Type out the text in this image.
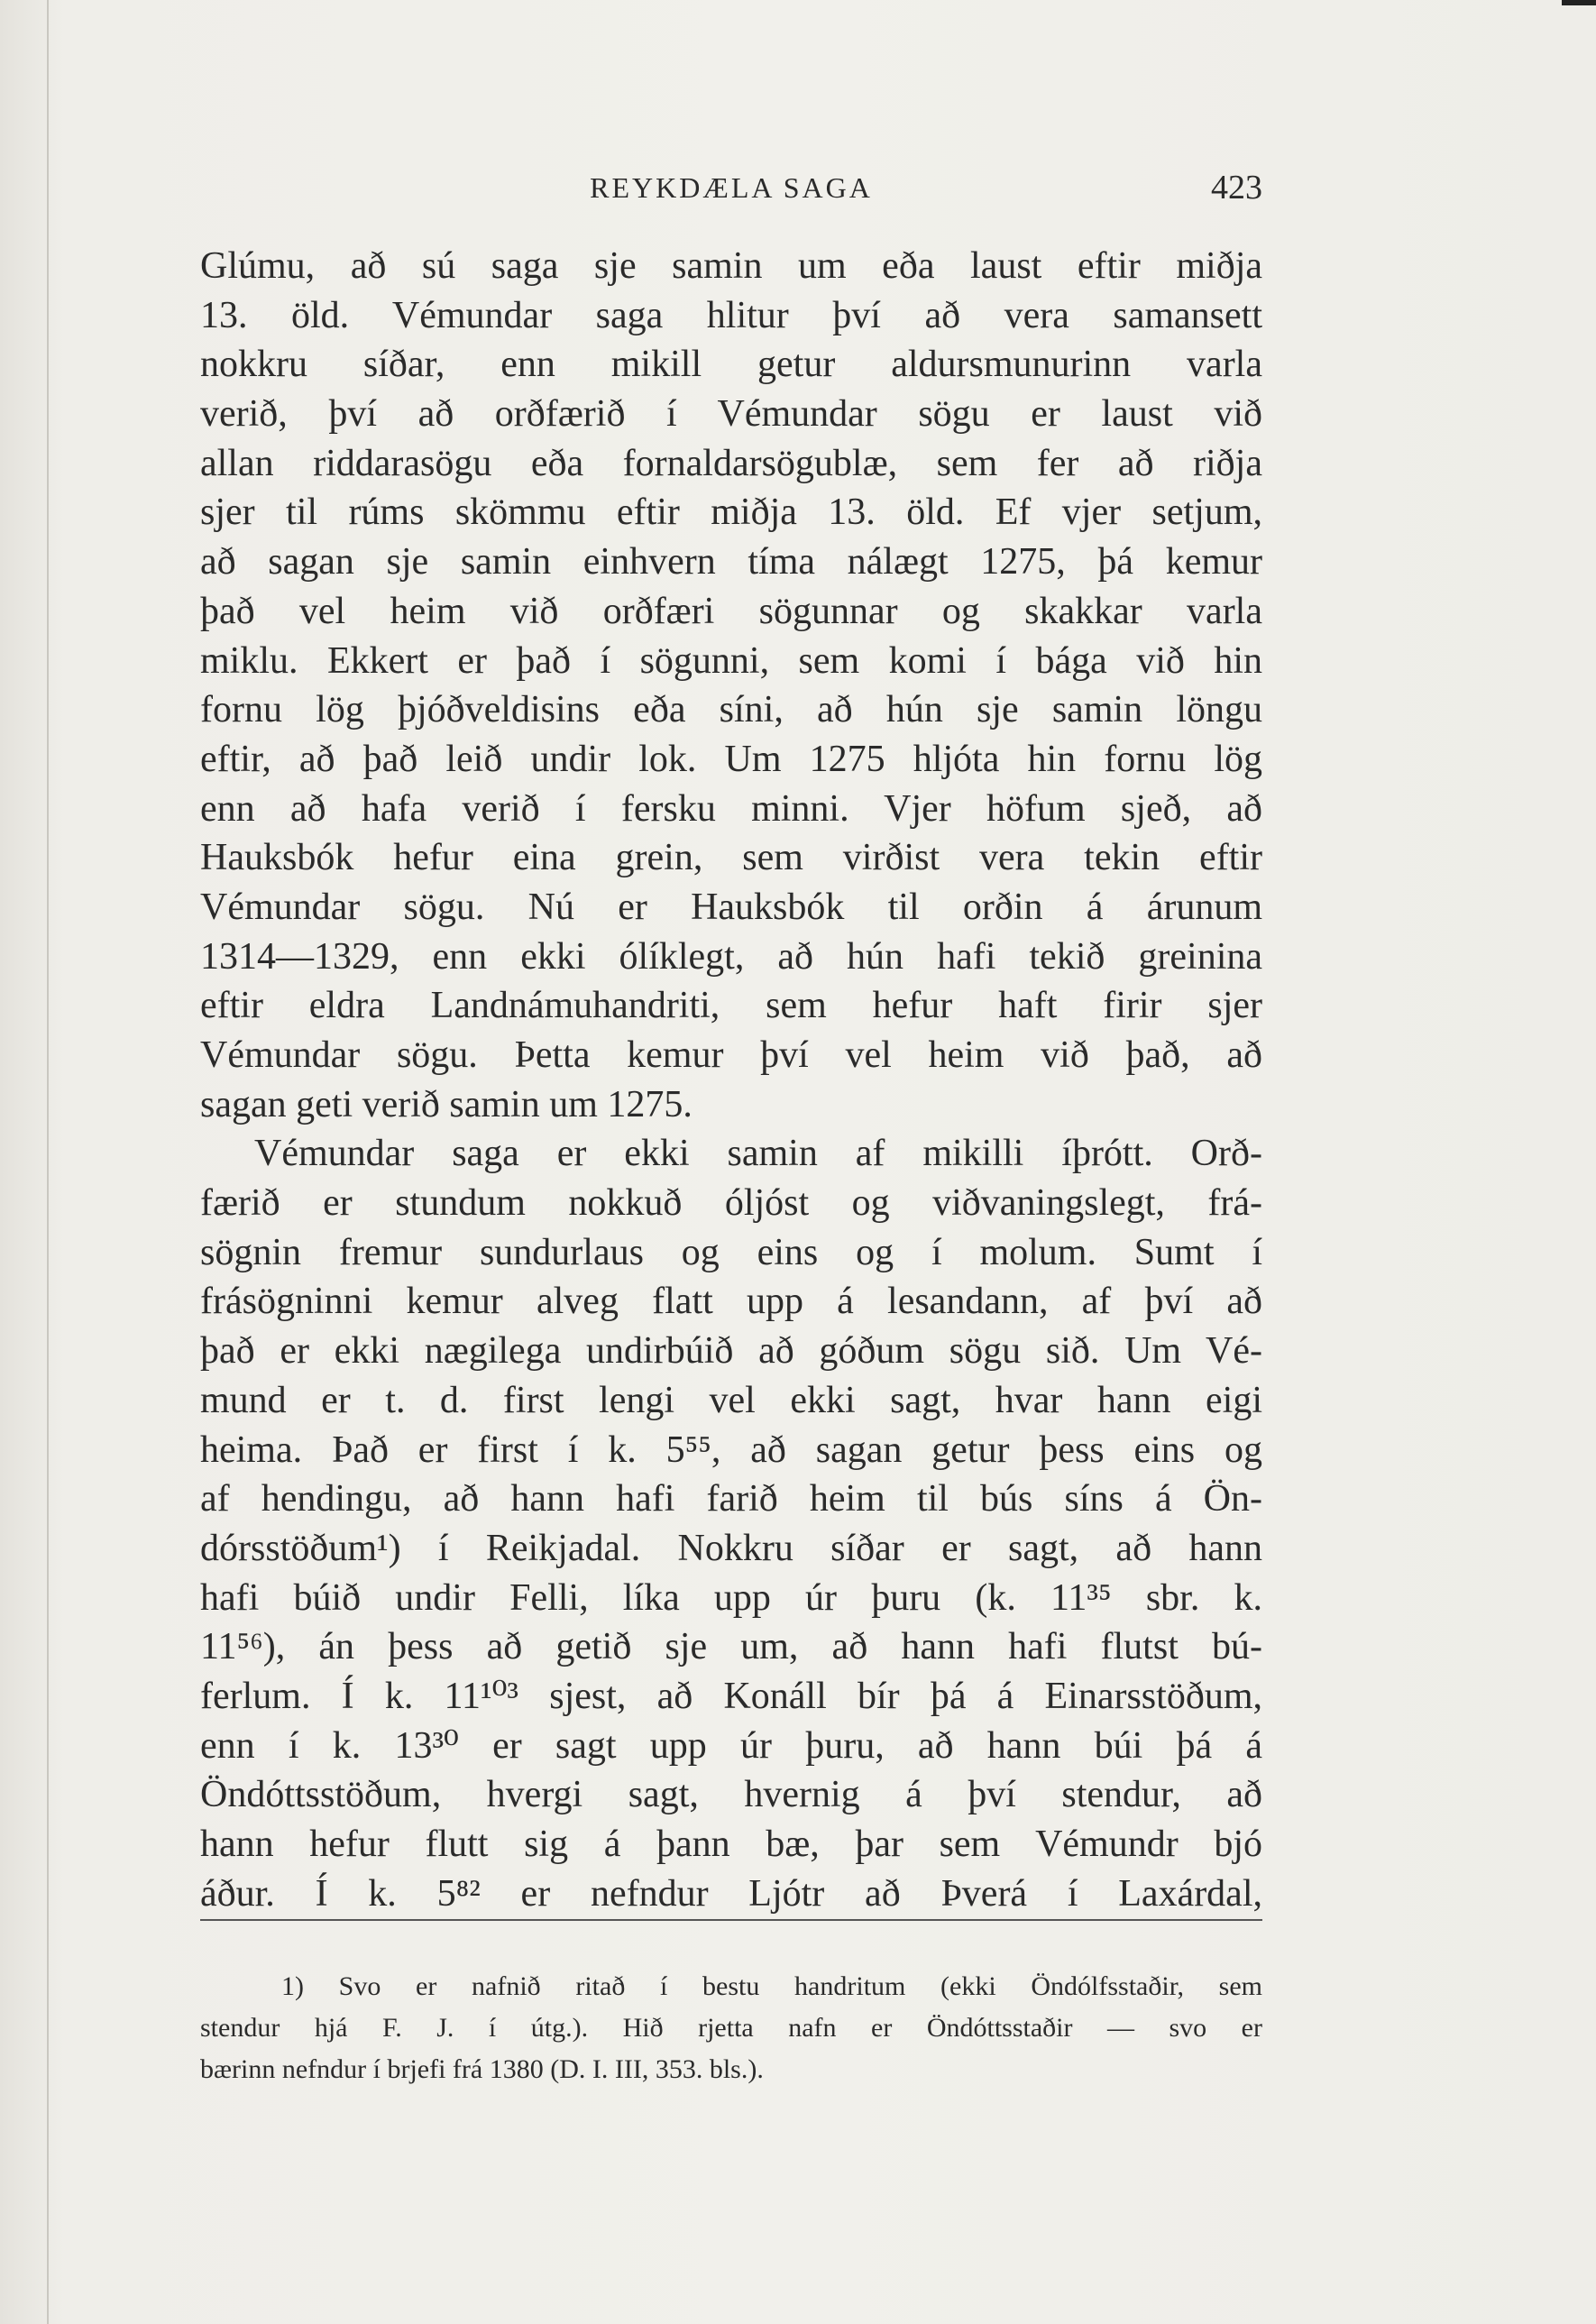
REYKDÆLA SAGA	423
Glúmu, að sú saga sje samin um eða laust eftir miðja
13. öld. Vémundar saga hlitur því að vera samansett
nokkru síðar, enn mikill getur aldursmunurinn varla
verið, því að orðfærið í Vémundar sögu er laust við
allan riddarasögu eða fornaldarsögublæ, sem fer að riðja
sjer til rúms skömmu eftir miðja 13. öld. Ef vjer setjum,
að sagan sje samin einhvern tíma nálægt 1275, þá kemur
það vel heim við orðfæri sögunnar og skakkar varla
miklu. Ekkert er það í sögunni, sem komi í bága við hin
fornu lög þjóðveldisins eða síni, að hún sje samin löngu
eftir, að það leið undir lok. Um 1275 hljóta hin fornu lög
enn að hafa verið í fersku minni. Vjer höfum sjeð, að
Hauksbók hefur eina grein, sem virðist vera tekin eftir
Vémundar sögu. Nú er Hauksbók til orðin á árunum
1314—1329, enn ekki ólíklegt, að hún hafi tekið greinina
eftir eldra Landnámuhandriti, sem hefur haft firir sjer
Vémundar sögu. Þetta kemur því vel heim við það, að
sagan geti verið samin um 1275.
Vémundar saga er ekki samin af mikilli íþrótt. Orð-
færið er stundum nokkuð óljóst og viðvaningslegt, frá-
sögnin fremur sundurlaus og eins og í molum. Sumt í
frásögninni kemur alveg flatt upp á lesandann, af því að
það er ekki nægilega undirbúið að góðum sögu sið. Um Vé-
mund er t. d. first lengi vel ekki sagt, hvar hann eigi
heima. Það er first í k. 5⁵⁵, að sagan getur þess eins og
af hendingu, að hann hafi farið heim til bús síns á Ön-
dórsstöðum¹) í Reikjadal. Nokkru síðar er sagt, að hann
hafi búið undir Felli, líka upp úr þuru (k. 11³⁵ sbr. k.
11⁵⁶), án þess að getið sje um, að hann hafi flutst bú-
ferlum. Í k. 11¹⁰³ sjest, að Konáll bír þá á Einarsstöðum,
enn í k. 13³⁰ er sagt upp úr þuru, að hann búi þá á
Öndóttsstöðum, hvergi sagt, hvernig á því stendur, að
hann hefur flutt sig á þann bæ, þar sem Vémundr bjó
áður. Í k. 5⁸² er nefndur Ljótr að Þverá í Laxárdal,
1) Svo er nafnið ritað í bestu handritum (ekki Öndólfsstaðir, sem
stendur hjá F. J. í útg.). Hið rjetta nafn er Öndóttsstaðir — svo er
bærinn nefndur í brjefi frá 1380 (D. I. III, 353. bls.).
